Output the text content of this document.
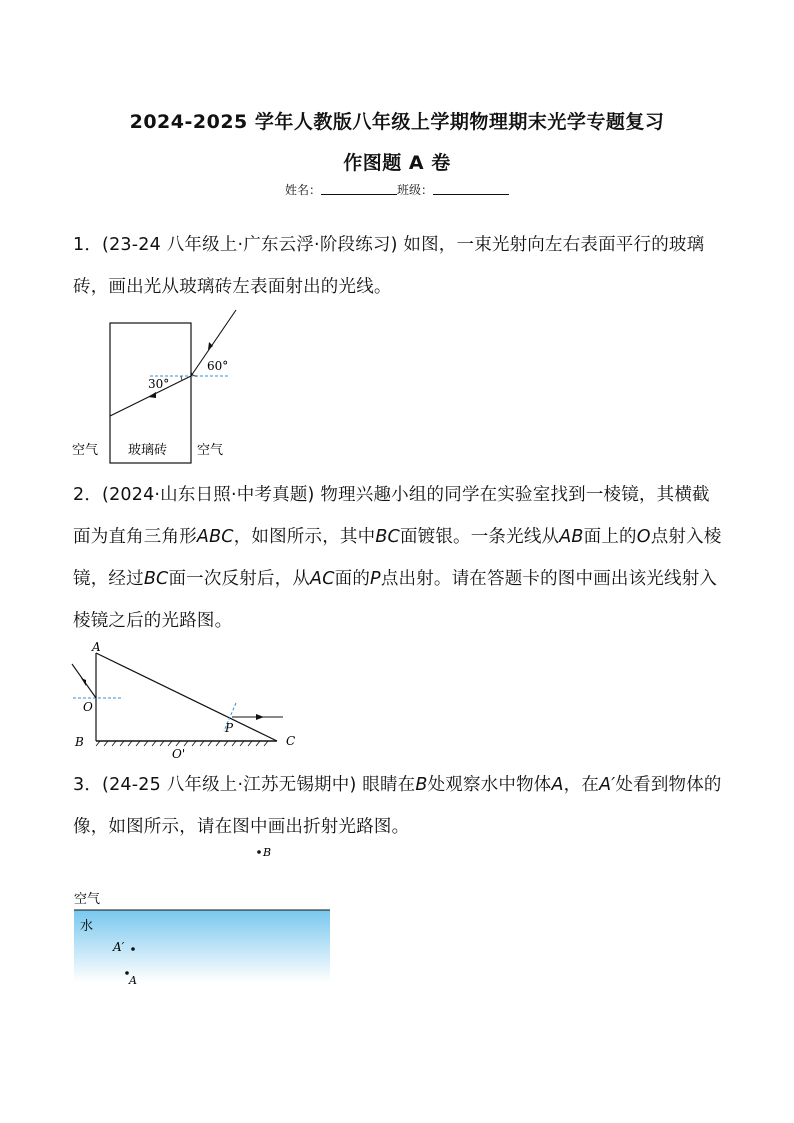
2024-2025 学年人教版八年级上学期物理期末光学专题复习
作图题 A 卷
姓名：	班级：
1．(23-24 八年级上·广东云浮·阶段练习) 如图，一束光射向左右表面平行的玻璃砖，画出光从玻璃砖左表面射出的光线。
60°
30°
空气 玻璃砖 空气
2．(2024·山东日照·中考真题) 物理兴趣小组的同学在实验室找到一棱镜，其横截面为直角三角形ABC，如图所示，其中BC面镀银。一条光线从AB面上的O点射入棱镜，经过BC面一次反射后，从AC面的P点出射。请在答题卡的图中画出该光线射入棱镜之后的光路图。
A
O
B
O'
P
C
3．(24-25 八年级上·江苏无锡期中) 眼睛在B处观察水中物体A，在A′处看到物体的像，如图所示，请在图中画出折射光路图。
B
空气
水
A′
A
